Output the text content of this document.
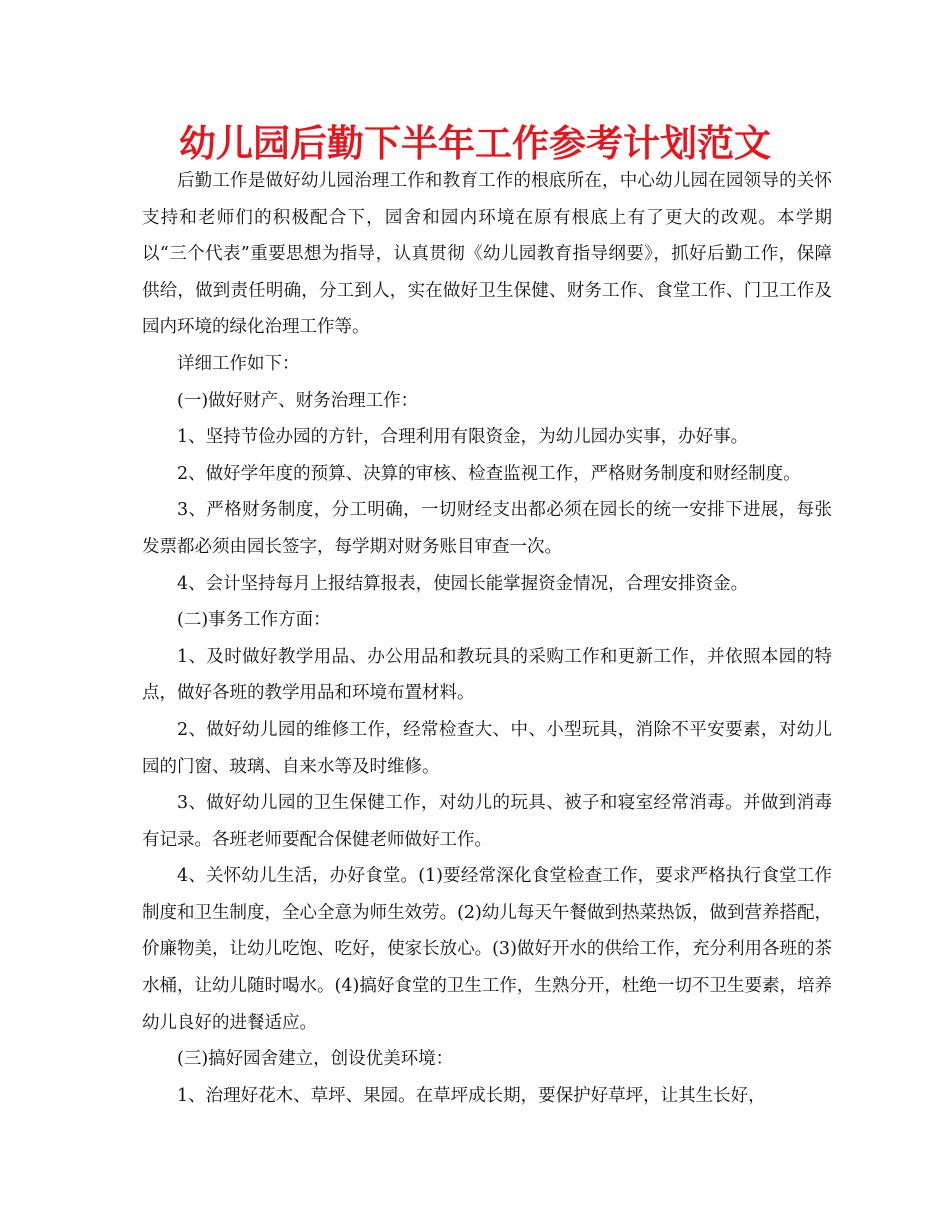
幼儿园后勤下半年工作参考计划范文

后勤工作是做好幼儿园治理工作和教育工作的根底所在，中心幼儿园在园领导的关怀支持和老师们的积极配合下，园舍和园内环境在原有根底上有了更大的改观。本学期以“三个代表”重要思想为指导，认真贯彻《幼儿园教育指导纲要》，抓好后勤工作，保障供给，做到责任明确，分工到人，实在做好卫生保健、财务工作、食堂工作、门卫工作及园内环境的绿化治理工作等。

详细工作如下：

(一)做好财产、财务治理工作：

1、坚持节俭办园的方针，合理利用有限资金，为幼儿园办实事，办好事。

2、做好学年度的预算、决算的审核、检查监视工作，严格财务制度和财经制度。

3、严格财务制度，分工明确，一切财经支出都必须在园长的统一安排下进展，每张发票都必须由园长签字，每学期对财务账目审查一次。

4、会计坚持每月上报结算报表，使园长能掌握资金情况，合理安排资金。

(二)事务工作方面：

1、及时做好教学用品、办公用品和教玩具的采购工作和更新工作，并依照本园的特点，做好各班的教学用品和环境布置材料。

2、做好幼儿园的维修工作，经常检查大、中、小型玩具，消除不平安要素，对幼儿园的门窗、玻璃、自来水等及时维修。

3、做好幼儿园的卫生保健工作，对幼儿的玩具、被子和寝室经常消毒。并做到消毒有记录。各班老师要配合保健老师做好工作。

4、关怀幼儿生活，办好食堂。(1)要经常深化食堂检查工作，要求严格执行食堂工作制度和卫生制度，全心全意为师生效劳。(2)幼儿每天午餐做到热菜热饭，做到营养搭配，价廉物美，让幼儿吃饱、吃好，使家长放心。(3)做好开水的供给工作，充分利用各班的茶水桶，让幼儿随时喝水。(4)搞好食堂的卫生工作，生熟分开，杜绝一切不卫生要素，培养幼儿良好的进餐适应。

(三)搞好园舍建立，创设优美环境：

1、治理好花木、草坪、果园。在草坪成长期，要保护好草坪，让其生长好，
